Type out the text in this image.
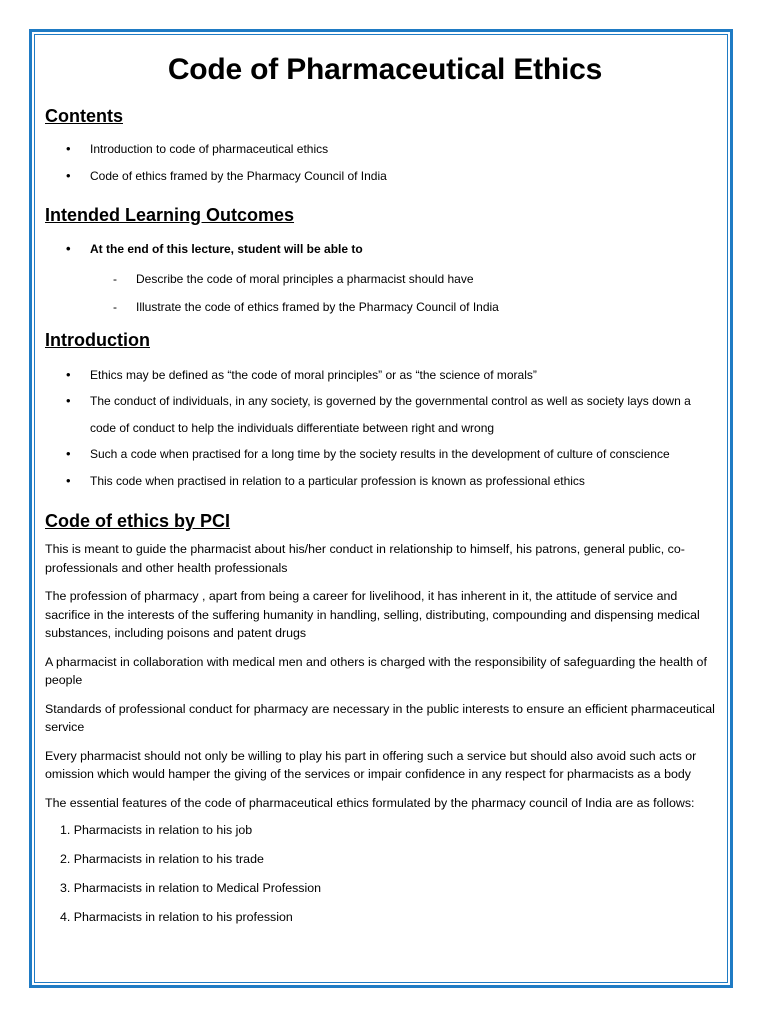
Code of Pharmaceutical Ethics
Contents
• Introduction to code of pharmaceutical ethics
• Code of ethics framed by the Pharmacy Council of India
Intended Learning Outcomes
• At the end of this lecture, student will be able to
- Describe the code of moral principles a pharmacist should have
- Illustrate the code of ethics framed by the Pharmacy Council of India
Introduction
• Ethics may be defined as “the code of moral principles” or as “the science of morals”
• The conduct of individuals, in any society, is governed by the governmental control as well as society lays down a code of conduct to help the individuals differentiate between right and wrong
• Such a code when practised for a long time by the society results in the development of culture of conscience
• This code when practised in relation to a particular profession is known as professional ethics
Code of ethics by PCI

This is meant to guide the pharmacist about his/her conduct in relationship to himself, his patrons, general public, co-professionals and other health professionals

The profession of pharmacy , apart from being a career for livelihood, it has inherent in it, the attitude of service and sacrifice in the interests of the suffering humanity in handling, selling, distributing, compounding and dispensing medical substances, including poisons and patent drugs

A pharmacist in collaboration with medical men and others is charged with the responsibility of safeguarding the health of people

Standards of professional conduct for pharmacy are necessary in the public interests to ensure an efficient pharmaceutical service

Every pharmacist should not only be willing to play his part in offering such a service but should also avoid such acts or omission which would hamper the giving of the services or impair confidence in any respect for pharmacists as a body

The essential features of the code of pharmaceutical ethics formulated by the pharmacy council of India are as follows:

1. Pharmacists in relation to his job
2. Pharmacists in relation to his trade
3. Pharmacists in relation to Medical Profession
4. Pharmacists in relation to his profession
